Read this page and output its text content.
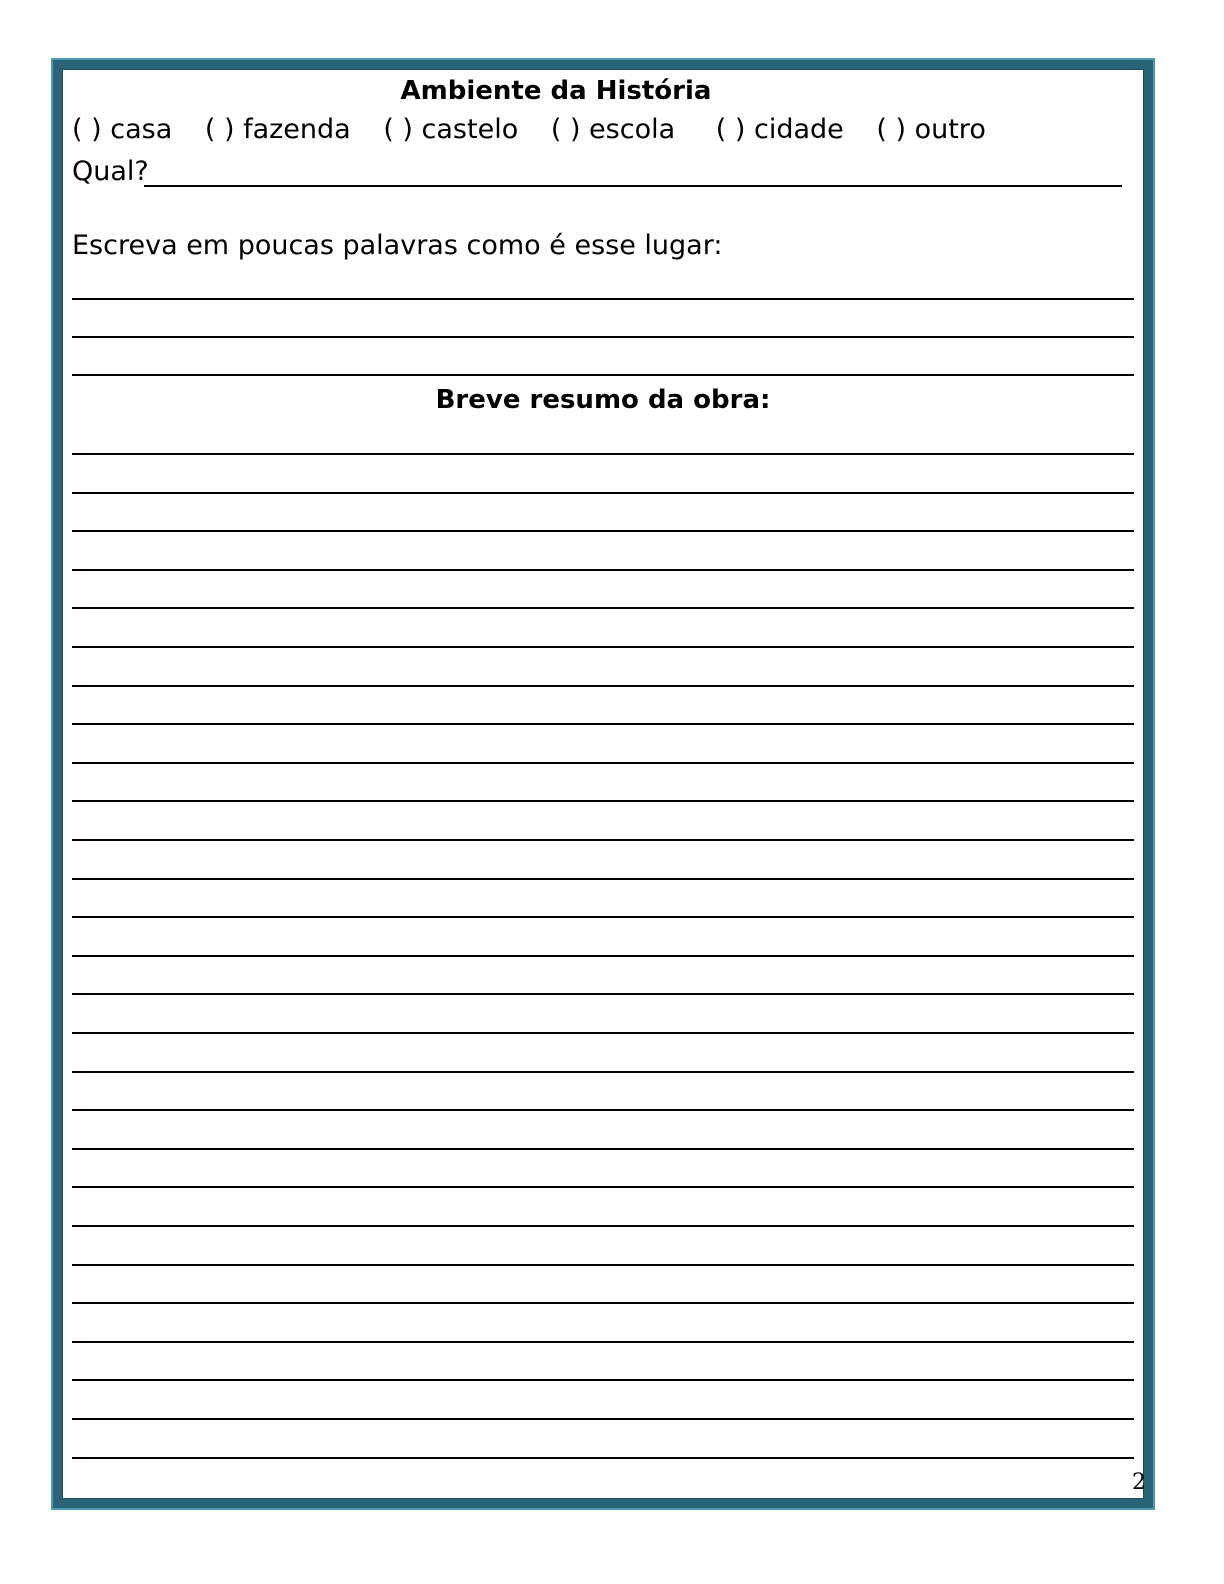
Ambiente da História
( ) casa ( ) fazenda ( ) castelo ( ) escola ( ) cidade ( ) outro
Qual?
Escreva em poucas palavras como é esse lugar:
Breve resumo da obra:
2
